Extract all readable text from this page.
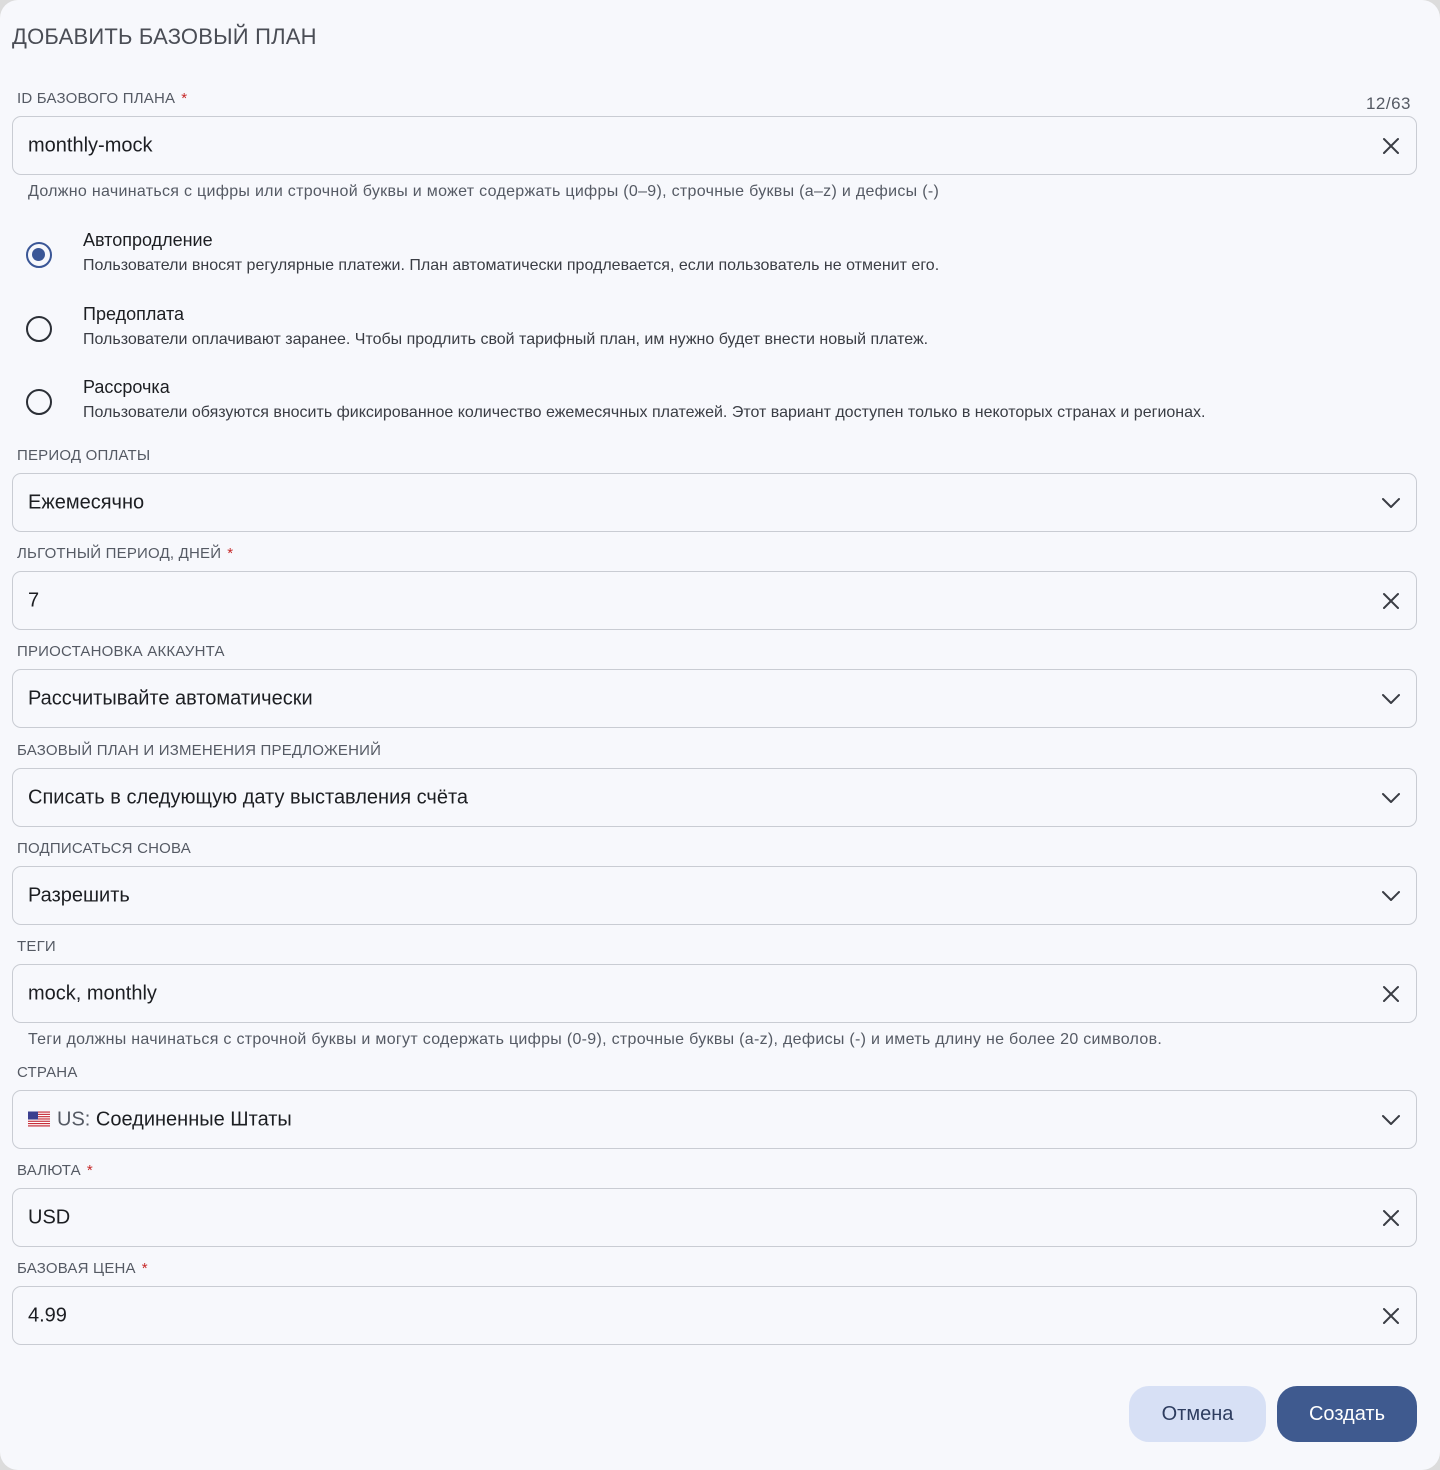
ДОБАВИТЬ БАЗОВЫЙ ПЛАН
ID БАЗОВОГО ПЛАНА *	12/63
monthly-mock
Должно начинаться с цифры или строчной буквы и может содержать цифры (0–9), строчные буквы (a–z) и дефисы (-)
Автопродление
Пользователи вносят регулярные платежи. План автоматически продлевается, если пользователь не отменит его.
Предоплата
Пользователи оплачивают заранее. Чтобы продлить свой тарифный план, им нужно будет внести новый платеж.
Рассрочка
Пользователи обязуются вносить фиксированное количество ежемесячных платежей. Этот вариант доступен только в некоторых странах и регионах.
ПЕРИОД ОПЛАТЫ
Ежемесячно
ЛЬГОТНЫЙ ПЕРИОД, ДНЕЙ *
7
ПРИОСТАНОВКА АККАУНТА
Рассчитывайте автоматически
БАЗОВЫЙ ПЛАН И ИЗМЕНЕНИЯ ПРЕДЛОЖЕНИЙ
Списать в следующую дату выставления счёта
ПОДПИСАТЬСЯ СНОВА
Разрешить
ТЕГИ
mock, monthly
Теги должны начинаться с строчной буквы и могут содержать цифры (0-9), строчные буквы (a-z), дефисы (-) и иметь длину не более 20 символов.
СТРАНА
US: Соединенные Штаты
ВАЛЮТА *
USD
БАЗОВАЯ ЦЕНА *
4.99
Отмена	Создать
